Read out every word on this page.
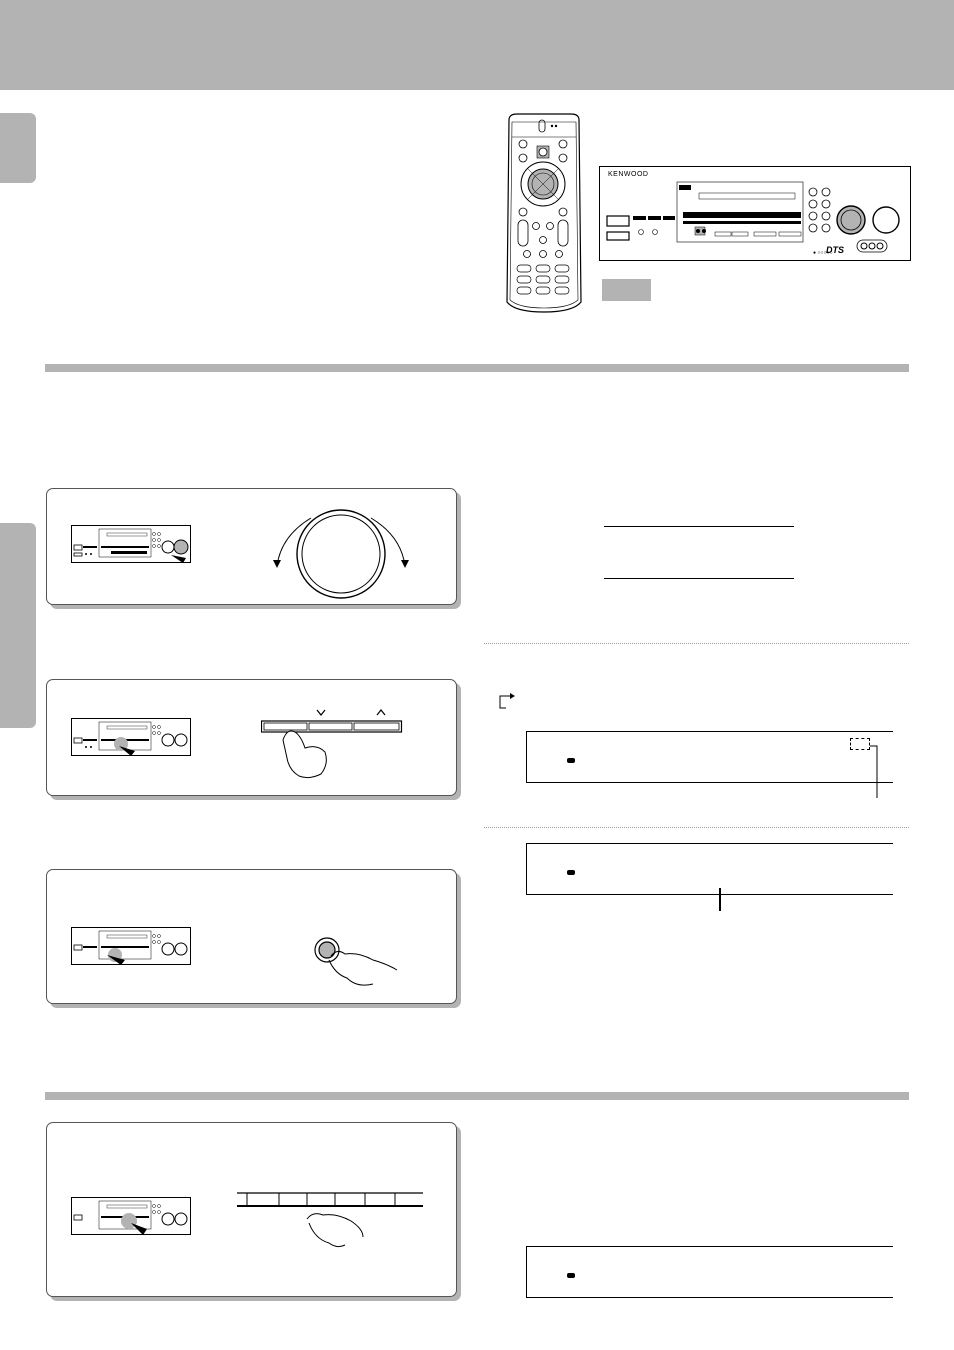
● ○○○○○
KENWOOD
DTS
